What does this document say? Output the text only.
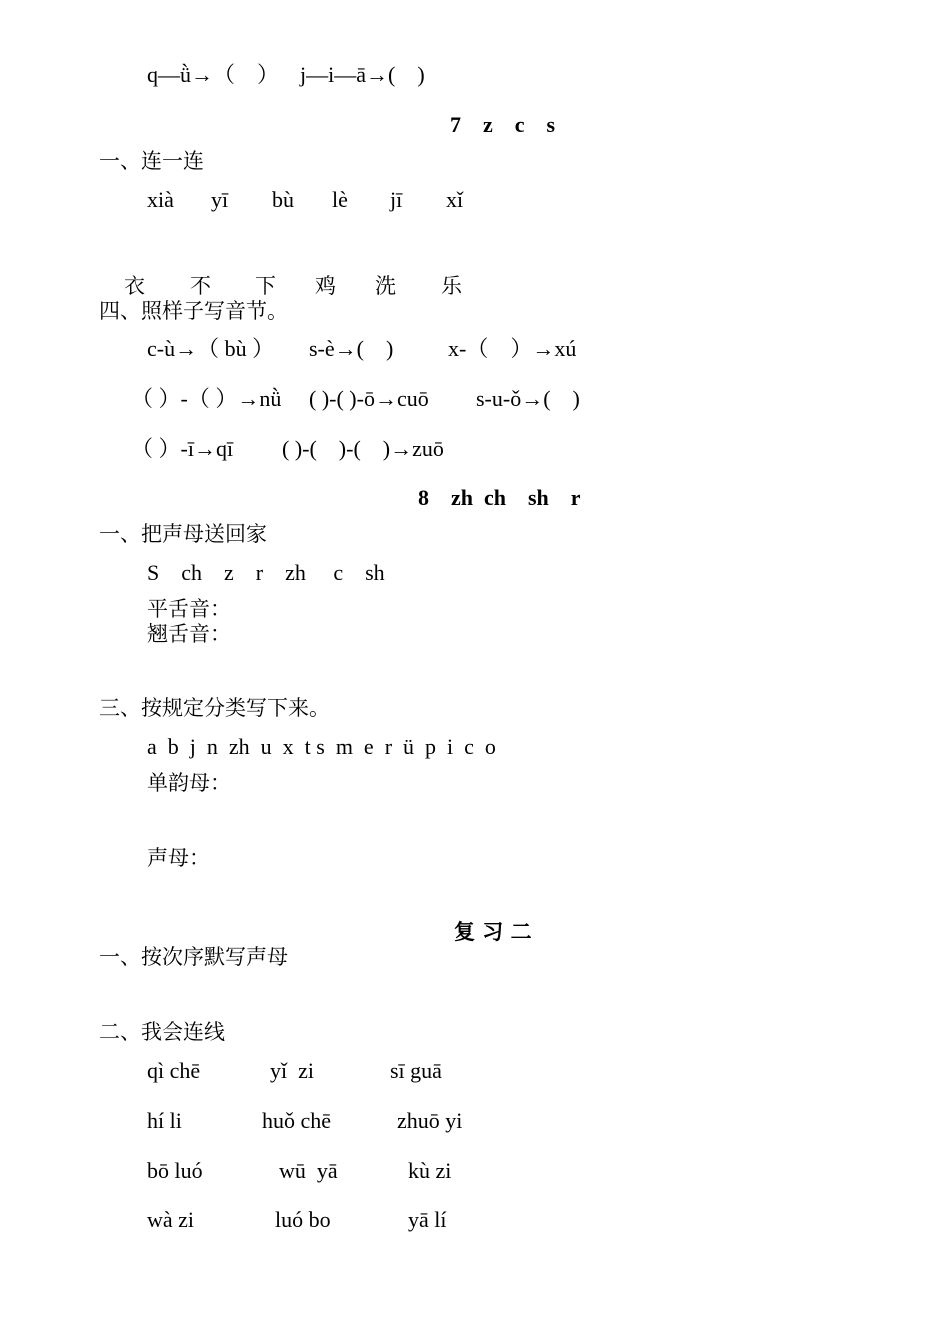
q—ǜ→（　） j—i—ā→(　)
7　z　c　s
一、连一连
xià yī bù lè jī xǐ
衣 不 下 鸡 洗 乐
四、照样子写音节。
c-ù→（ bù ） s-è→(　) x-（　）→xú
（ ）-（ ）→nǜ ( )-( )-ō→cuō s-u-ǒ→(　)
（ ）-ī→qī ( )-(　)-(　)→zuō
8　zh  ch　sh　r
一、把声母送回家
S　ch　z　r　zh　 c　sh
平舌音：
翘舌音：
三、按规定分类写下来。
a  b  j  n  zh  u  x  t s  m  e  r  ü  p  i  c  o
单韵母：
声母：
复 习 二
一、按次序默写声母
二、我会连线
qì chē	yǐ  zi	sī guā
hí li	huǒ chē	zhuō yi
bō luó	wū  yā	kù zi
wà zi	luó bo	yā lí
